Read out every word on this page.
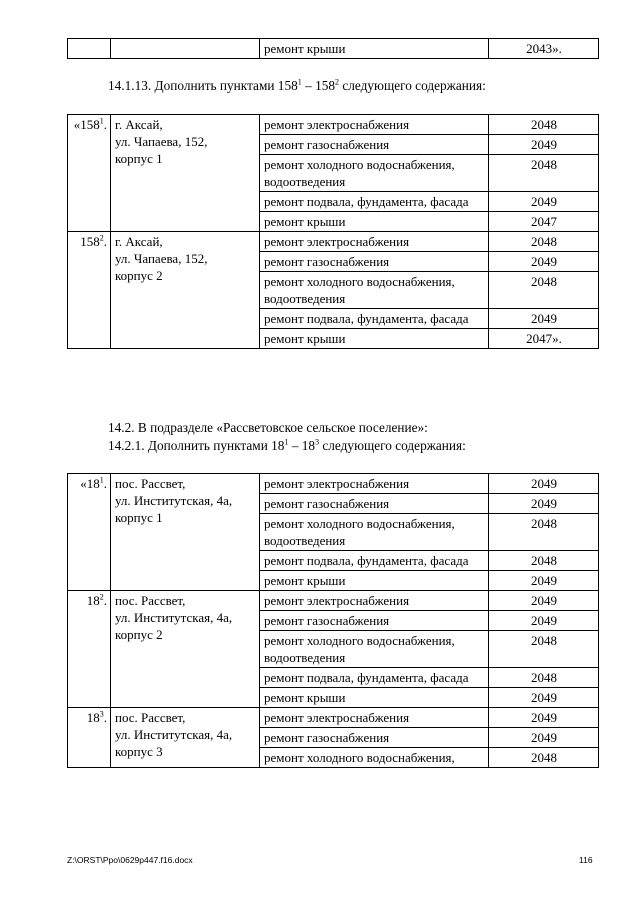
		ремонт крыши	2043».
14.1.13. Дополнить пунктами $158^1 - 158^2$ следующего содержания:
«$158^1$.	г. Аксай,
ул. Чапаева, 152,
корпус 1	ремонт электроснабжения	2048
		ремонт газоснабжения	2049
		ремонт холодного водоснабжения, водоотведения	2048
		ремонт подвала, фундамента, фасада	2049
		ремонт крыши	2047
$158^2$.	г. Аксай,
ул. Чапаева, 152,
корпус 2	ремонт электроснабжения	2048
		ремонт газоснабжения	2049
		ремонт холодного водоснабжения, водоотведения	2048
		ремонт подвала, фундамента, фасада	2049
		ремонт крыши	2047».
14.2. В подразделе «Рассветовское сельское поселение»:
14.2.1. Дополнить пунктами $18^1 - 18^3$ следующего содержания:
«$18^1$.	пос. Рассвет,
ул. Институтская, 4а,
корпус 1	ремонт электроснабжения	2049
		ремонт газоснабжения	2049
		ремонт холодного водоснабжения, водоотведения	2048
		ремонт подвала, фундамента, фасада	2048
		ремонт крыши	2049
$18^2$.	пос. Рассвет,
ул. Институтская, 4а,
корпус 2	ремонт электроснабжения	2049
		ремонт газоснабжения	2049
		ремонт холодного водоснабжения, водоотведения	2048
		ремонт подвала, фундамента, фасада	2048
		ремонт крыши	2049
$18^3$.	пос. Рассвет,
ул. Институтская, 4а,
корпус 3	ремонт электроснабжения	2049
		ремонт газоснабжения	2049
		ремонт холодного водоснабжения,	2048
Z:\ORST\Ppo\0629p447.f16.docx	116
